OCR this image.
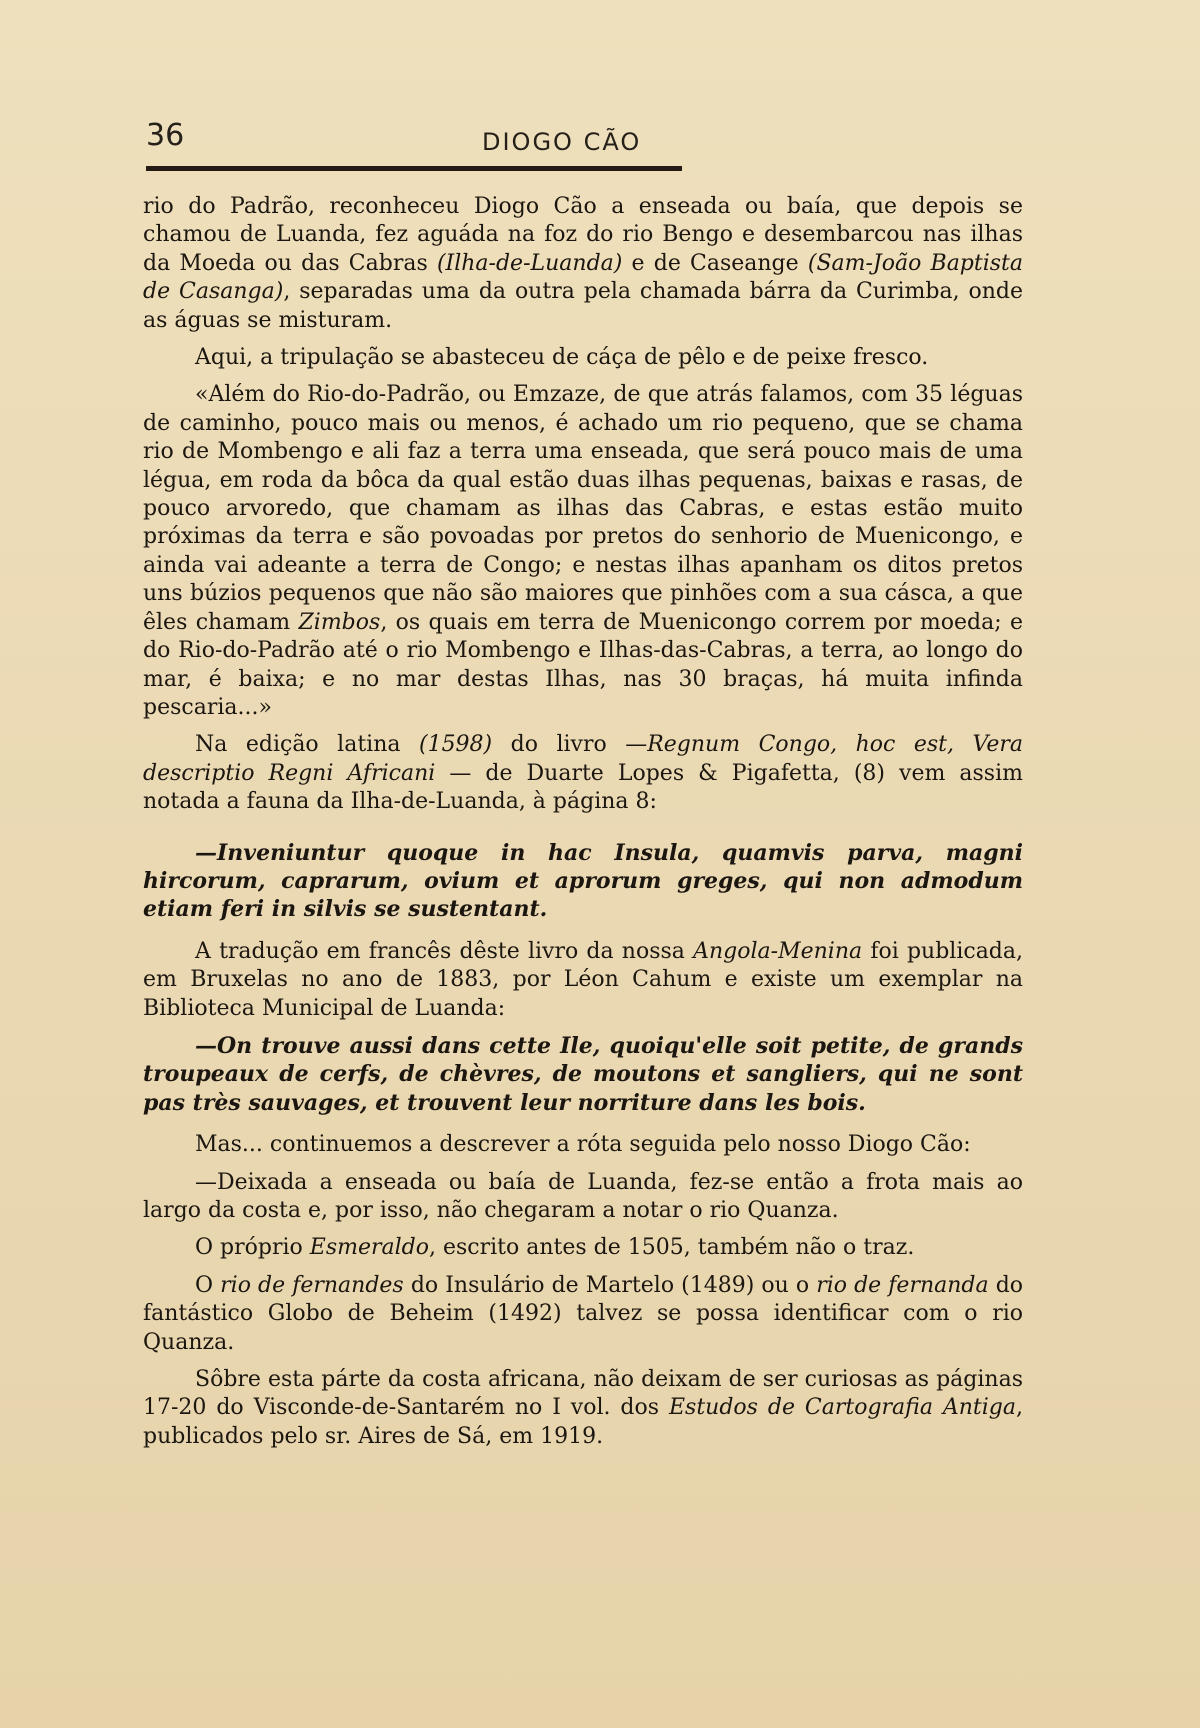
36	DIOGO CÃO

rio do Padrão, reconheceu Diogo Cão a enseada ou baía, que depois se chamou de Luanda, fez aguáda na foz do rio Bengo e desembarcou nas ilhas da Moeda ou das Cabras (Ilha-de-Luanda) e de Caseange (Sam-João Baptista de Casanga), separadas uma da outra pela chamada bárra da Curimba, onde as águas se misturam.

Aqui, a tripulação se abasteceu de cáça de pêlo e de peixe fresco.

«Além do Rio-do-Padrão, ou Emzaze, de que atrás falamos, com 35 léguas de caminho, pouco mais ou menos, é achado um rio pequeno, que se chama rio de Mombengo e ali faz a terra uma enseada, que será pouco mais de uma légua, em roda da bôca da qual estão duas ilhas pequenas, baixas e rasas, de pouco arvoredo, que chamam as ilhas das Cabras, e estas estão muito próximas da terra e são povoadas por pretos do senhorio de Muenicongo, e ainda vai adeante a terra de Congo; e nestas ilhas apanham os ditos pretos uns búzios pequenos que não são maiores que pinhões com a sua cásca, a que êles chamam Zimbos, os quais em terra de Muenicongo correm por moeda; e do Rio-do-Padrão até o rio Mombengo e Ilhas-das-Cabras, a terra, ao longo do mar, é baixa; e no mar destas Ilhas, nas 30 braças, há muita infinda pescaria...»

Na edição latina (1598) do livro —Regnum Congo, hoc est, Vera descriptio Regni Africani — de Duarte Lopes & Pigafetta, (8) vem assim notada a fauna da Ilha-de-Luanda, à página 8:

—Inveniuntur quoque in hac Insula, quamvis parva, magni hircorum, caprarum, ovium et aprorum greges, qui non admodum etiam feri in silvis se sustentant.

A tradução em francês dêste livro da nossa Angola-Menina foi publicada, em Bruxelas no ano de 1883, por Léon Cahum e existe um exemplar na Biblioteca Municipal de Luanda:

—On trouve aussi dans cette Ile, quoiqu'elle soit petite, de grands troupeaux de cerfs, de chèvres, de moutons et sangliers, qui ne sont pas très sauvages, et trouvent leur norriture dans les bois.

Mas... continuemos a descrever a róta seguida pelo nosso Diogo Cão:

—Deixada a enseada ou baía de Luanda, fez-se então a frota mais ao largo da costa e, por isso, não chegaram a notar o rio Quanza.

O próprio Esmeraldo, escrito antes de 1505, também não o traz.

O rio de fernandes do Insulário de Martelo (1489) ou o rio de fernanda do fantástico Globo de Beheim (1492) talvez se possa identificar com o rio Quanza.

Sôbre esta párte da costa africana, não deixam de ser curiosas as páginas 17-20 do Visconde-de-Santarém no I vol. dos Estudos de Cartografia Antiga, publicados pelo sr. Aires de Sá, em 1919.
